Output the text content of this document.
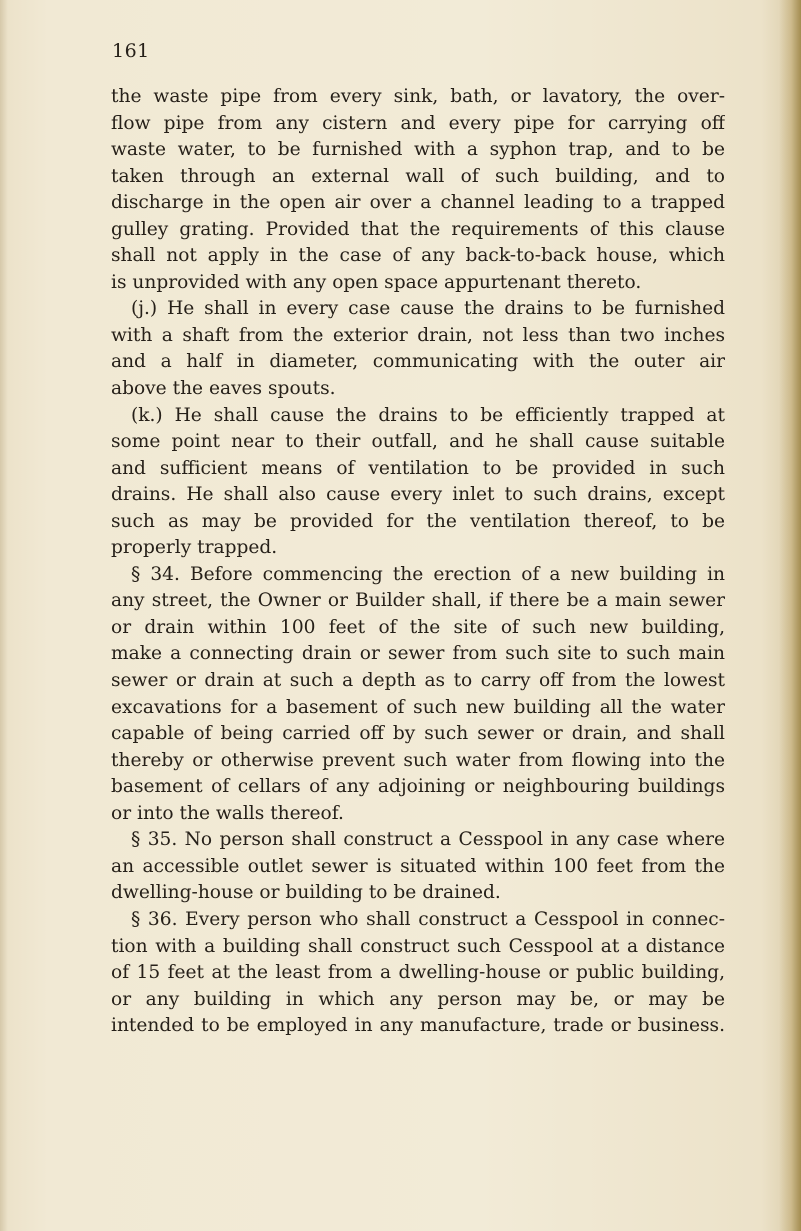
161

the waste pipe from every sink, bath, or lavatory, the over-
flow pipe from any cistern and every pipe for carrying off
waste water, to be furnished with a syphon trap, and to be
taken through an external wall of such building, and to
discharge in the open air over a channel leading to a trapped
gulley grating. Provided that the requirements of this clause
shall not apply in the case of any back-to-back house, which
is unprovided with any open space appurtenant thereto.
(j.) He shall in every case cause the drains to be furnished
with a shaft from the exterior drain, not less than two inches
and a half in diameter, communicating with the outer air
above the eaves spouts.
(k.) He shall cause the drains to be efficiently trapped at
some point near to their outfall, and he shall cause suitable
and sufficient means of ventilation to be provided in such
drains. He shall also cause every inlet to such drains, except
such as may be provided for the ventilation thereof, to be
properly trapped.
§ 34. Before commencing the erection of a new building in
any street, the Owner or Builder shall, if there be a main sewer
or drain within 100 feet of the site of such new building,
make a connecting drain or sewer from such site to such main
sewer or drain at such a depth as to carry off from the lowest
excavations for a basement of such new building all the water
capable of being carried off by such sewer or drain, and shall
thereby or otherwise prevent such water from flowing into the
basement of cellars of any adjoining or neighbouring buildings
or into the walls thereof.
§ 35. No person shall construct a Cesspool in any case where
an accessible outlet sewer is situated within 100 feet from the
dwelling-house or building to be drained.
§ 36. Every person who shall construct a Cesspool in connec-
tion with a building shall construct such Cesspool at a distance
of 15 feet at the least from a dwelling-house or public building,
or any building in which any person may be, or may be
intended to be employed in any manufacture, trade or business.
